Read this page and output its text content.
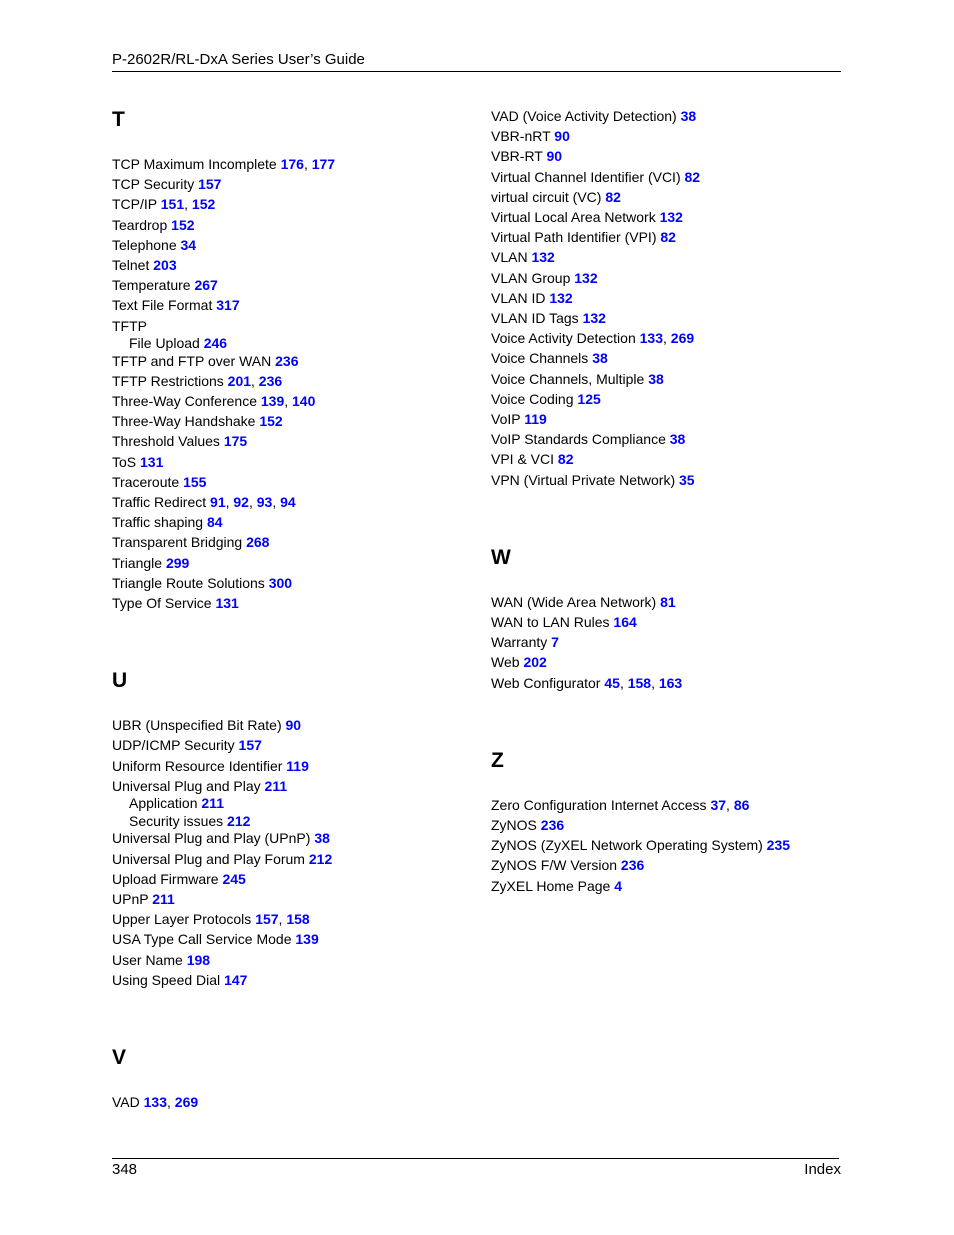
P-2602R/RL-DxA Series User’s Guide
T
TCP Maximum Incomplete 176, 177
TCP Security 157
TCP/IP 151, 152
Teardrop 152
Telephone 34
Telnet 203
Temperature 267
Text File Format 317
TFTP
File Upload 246
TFTP and FTP over WAN 236
TFTP Restrictions 201, 236
Three-Way Conference 139, 140
Three-Way Handshake 152
Threshold Values 175
ToS 131
Traceroute 155
Traffic Redirect 91, 92, 93, 94
Traffic shaping 84
Transparent Bridging 268
Triangle 299
Triangle Route Solutions 300
Type Of Service 131
U
UBR (Unspecified Bit Rate) 90
UDP/ICMP Security 157
Uniform Resource Identifier 119
Universal Plug and Play 211
Application 211
Security issues 212
Universal Plug and Play (UPnP) 38
Universal Plug and Play Forum 212
Upload Firmware 245
UPnP 211
Upper Layer Protocols 157, 158
USA Type Call Service Mode 139
User Name 198
Using Speed Dial 147
V
VAD 133, 269
VAD (Voice Activity Detection) 38
VBR-nRT 90
VBR-RT 90
Virtual Channel Identifier (VCI) 82
virtual circuit (VC) 82
Virtual Local Area Network 132
Virtual Path Identifier (VPI) 82
VLAN 132
VLAN Group 132
VLAN ID 132
VLAN ID Tags 132
Voice Activity Detection 133, 269
Voice Channels 38
Voice Channels, Multiple 38
Voice Coding 125
VoIP 119
VoIP Standards Compliance 38
VPI & VCI 82
VPN (Virtual Private Network) 35
W
WAN (Wide Area Network) 81
WAN to LAN Rules 164
Warranty 7
Web 202
Web Configurator 45, 158, 163
Z
Zero Configuration Internet Access 37, 86
ZyNOS 236
ZyNOS (ZyXEL Network Operating System) 235
ZyNOS F/W Version 236
ZyXEL Home Page 4
348	Index
